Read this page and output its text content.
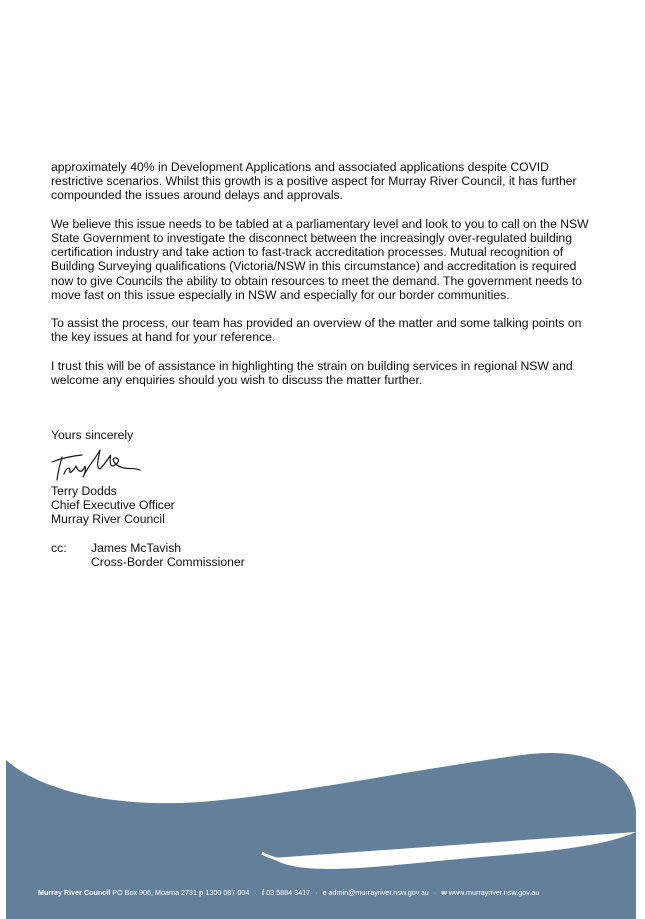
approximately 40% in Development Applications and associated applications despite COVID restrictive scenarios. Whilst this growth is a positive aspect for Murray River Council, it has further compounded the issues around delays and approvals.

We believe this issue needs to be tabled at a parliamentary level and look to you to call on the NSW State Government to investigate the disconnect between the increasingly over-regulated building certification industry and take action to fast-track accreditation processes. Mutual recognition of Building Surveying qualifications (Victoria/NSW in this circumstance) and accreditation is required now to give Councils the ability to obtain resources to meet the demand. The government needs to move fast on this issue especially in NSW and especially for our border communities.

To assist the process, our team has provided an overview of the matter and some talking points on the key issues at hand for your reference.

I trust this will be of assistance in highlighting the strain on building services in regional NSW and welcome any enquiries should you wish to discuss the matter further.

Yours sincerely
Terry Dodds
Chief Executive Officer
Murray River Council
cc: James McTavish
Cross-Border Commissioner
Murray River Council PO Box 906, Moama 2731 p 1300 087 004 · f 03 5884 3417 · e admin@murrayriver.nsw.gov.au · w www.murrayriver.nsw.gov.au
